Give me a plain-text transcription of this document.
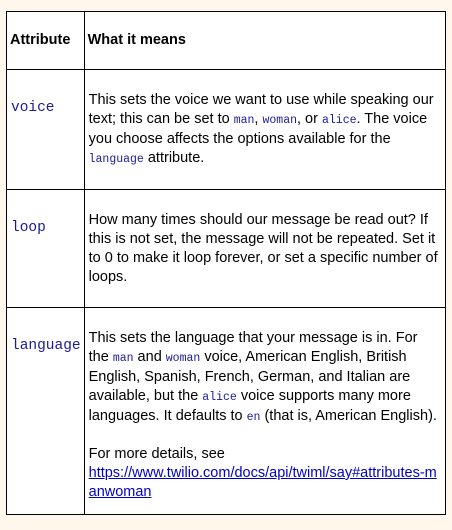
Attribute	What it means
voice	This sets the voice we want to use while speaking our text; this can be set to man, woman, or alice. The voice you choose affects the options available for the language attribute.
loop	How many times should our message be read out? If this is not set, the message will not be repeated. Set it to 0 to make it loop forever, or set a specific number of loops.
language	This sets the language that your message is in. For the man and woman voice, American English, British English, Spanish, French, German, and Italian are available, but the alice voice supports many more languages. It defaults to en (that is, American English).
For more details, see
https://www.twilio.com/docs/api/twiml/say#attributes-manwoman
